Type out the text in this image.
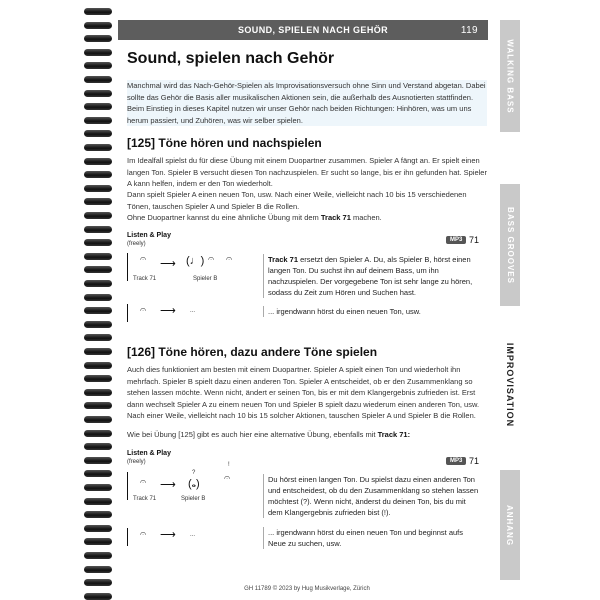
SOUND, SPIELEN NACH GEHÖR	119
WALKING BASS
BASS GROOVES
IMPROVISATION
ANHANG
Sound, spielen nach Gehör

Manchmal wird das Nach-Gehör-Spielen als Improvisationsversuch ohne Sinn und Verstand abgetan. Dabei sollte das Gehör die Basis aller musikalischen Aktionen sein, die außerhalb des Ausnotierten stattfinden. Beim Einstieg in dieses Kapitel nutzen wir unser Gehör nach beiden Richtungen: Hinhören, was um uns herum passiert, und Zuhören, was wir selber spielen.

[125] Töne hören und nachspielen

Im Idealfall spielst du für diese Übung mit einem Duopartner zusammen. Spieler A fängt an. Er spielt einen langen Ton. Spieler B versucht diesen Ton nachzuspielen. Er sucht so lange, bis er ihn gefunden hat. Spieler A kann helfen, indem er den Ton wiederholt.

Dann spielt Spieler A einen neuen Ton, usw. Nach einer Weile, vielleicht nach 10 bis 15 verschiedenen Tönen, tauschen Spieler A und Spieler B die Rollen.

Ohne Duopartner kannst du eine ähnliche Übung mit dem Track 71 machen.

Listen & Play
(freely)
MP3 71
𝄐 ⟶ (♩) 𝄐 𝄐
Track 71	Spieler B
Track 71 ersetzt den Spieler A. Du, als Spieler B, hörst einen langen Ton. Du suchst ihn auf deinem Bass, um ihn nachzuspielen. Der vorgegebene Ton ist sehr lange zu hören, sodass du Zeit zum Hören und Suchen hast.
𝄐 ⟶ ...	... irgendwann hörst du einen neuen Ton, usw.
[126] Töne hören, dazu andere Töne spielen

Auch dies funktioniert am besten mit einem Duopartner. Spieler A spielt einen Ton und wiederholt ihn mehrfach. Spieler B spielt dazu einen anderen Ton. Spieler A entscheidet, ob er den Zusammenklang so stehen lassen möchte. Wenn nicht, ändert er seinen Ton, bis er mit dem Klangergebnis zufrieden ist. Erst dann wechselt Spieler A zu einem neuen Ton und Spieler B spielt dazu wiederum einen anderen Ton, usw. Nach einer Weile, vielleicht nach 10 bis 15 solcher Aktionen, tauschen Spieler A und Spieler B die Rollen.

Wie bei Übung [125] gibt es auch hier eine alternative Übung, ebenfalls mit Track 71:

Listen & Play
(freely)	MP3 71
𝄐 ⟶
?
(𝅝)
!
𝄐
Track 71	Spieler B
Du hörst einen langen Ton. Du spielst dazu einen anderen Ton und entscheidest, ob du den Zusammenklang so stehen lassen möchtest (?). Wenn nicht, änderst du deinen Ton, bis du mit dem Klangergebnis zufrieden bist (!).
𝄐 ⟶ ...	... irgendwann hörst du einen neuen Ton und beginnst aufs Neue zu suchen, usw.
GH 11789 © 2023 by Hug Musikverlage, Zürich
